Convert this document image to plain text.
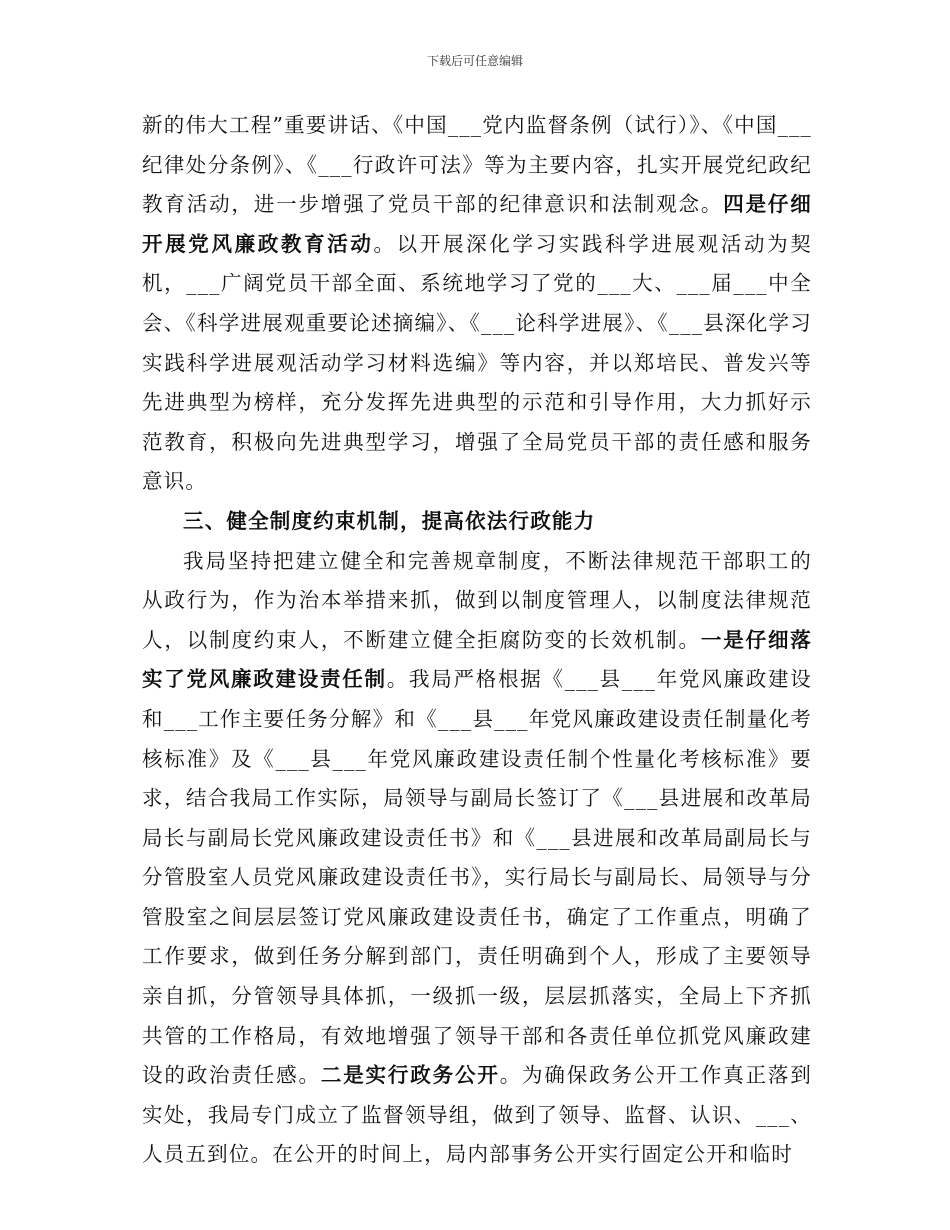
下载后可任意编辑

新的伟大工程”重要讲话、《中国___党内监督条例（试行）》、《中国___纪律处分条例》、《___行政许可法》等为主要内容，扎实开展党纪政纪教育活动，进一步增强了党员干部的纪律意识和法制观念。四是仔细开展党风廉政教育活动。以开展深化学习实践科学进展观活动为契机，___广阔党员干部全面、系统地学习了党的___大、___届___中全会、《科学进展观重要论述摘编》、《___论科学进展》、《___县深化学习实践科学进展观活动学习材料选编》等内容，并以郑培民、普发兴等先进典型为榜样，充分发挥先进典型的示范和引导作用，大力抓好示范教育，积极向先进典型学习，增强了全局党员干部的责任感和服务意识。

三、健全制度约束机制，提高依法行政能力

我局坚持把建立健全和完善规章制度，不断法律规范干部职工的从政行为，作为治本举措来抓，做到以制度管理人，以制度法律规范人，以制度约束人，不断建立健全拒腐防变的长效机制。一是仔细落实了党风廉政建设责任制。我局严格根据《___县___年党风廉政建设和___工作主要任务分解》和《___县___年党风廉政建设责任制量化考核标准》及《___县___年党风廉政建设责任制个性量化考核标准》要求，结合我局工作实际，局领导与副局长签订了《___县进展和改革局局长与副局长党风廉政建设责任书》和《___县进展和改革局副局长与分管股室人员党风廉政建设责任书》，实行局长与副局长、局领导与分管股室之间层层签订党风廉政建设责任书，确定了工作重点，明确了工作要求，做到任务分解到部门，责任明确到个人，形成了主要领导亲自抓，分管领导具体抓，一级抓一级，层层抓落实，全局上下齐抓共管的工作格局，有效地增强了领导干部和各责任单位抓党风廉政建设的政治责任感。二是实行政务公开。为确保政务公开工作真正落到实处，我局专门成立了监督领导组，做到了领导、监督、认识、___、人员五到位。在公开的时间上，局内部事务公开实行固定公开和临时
